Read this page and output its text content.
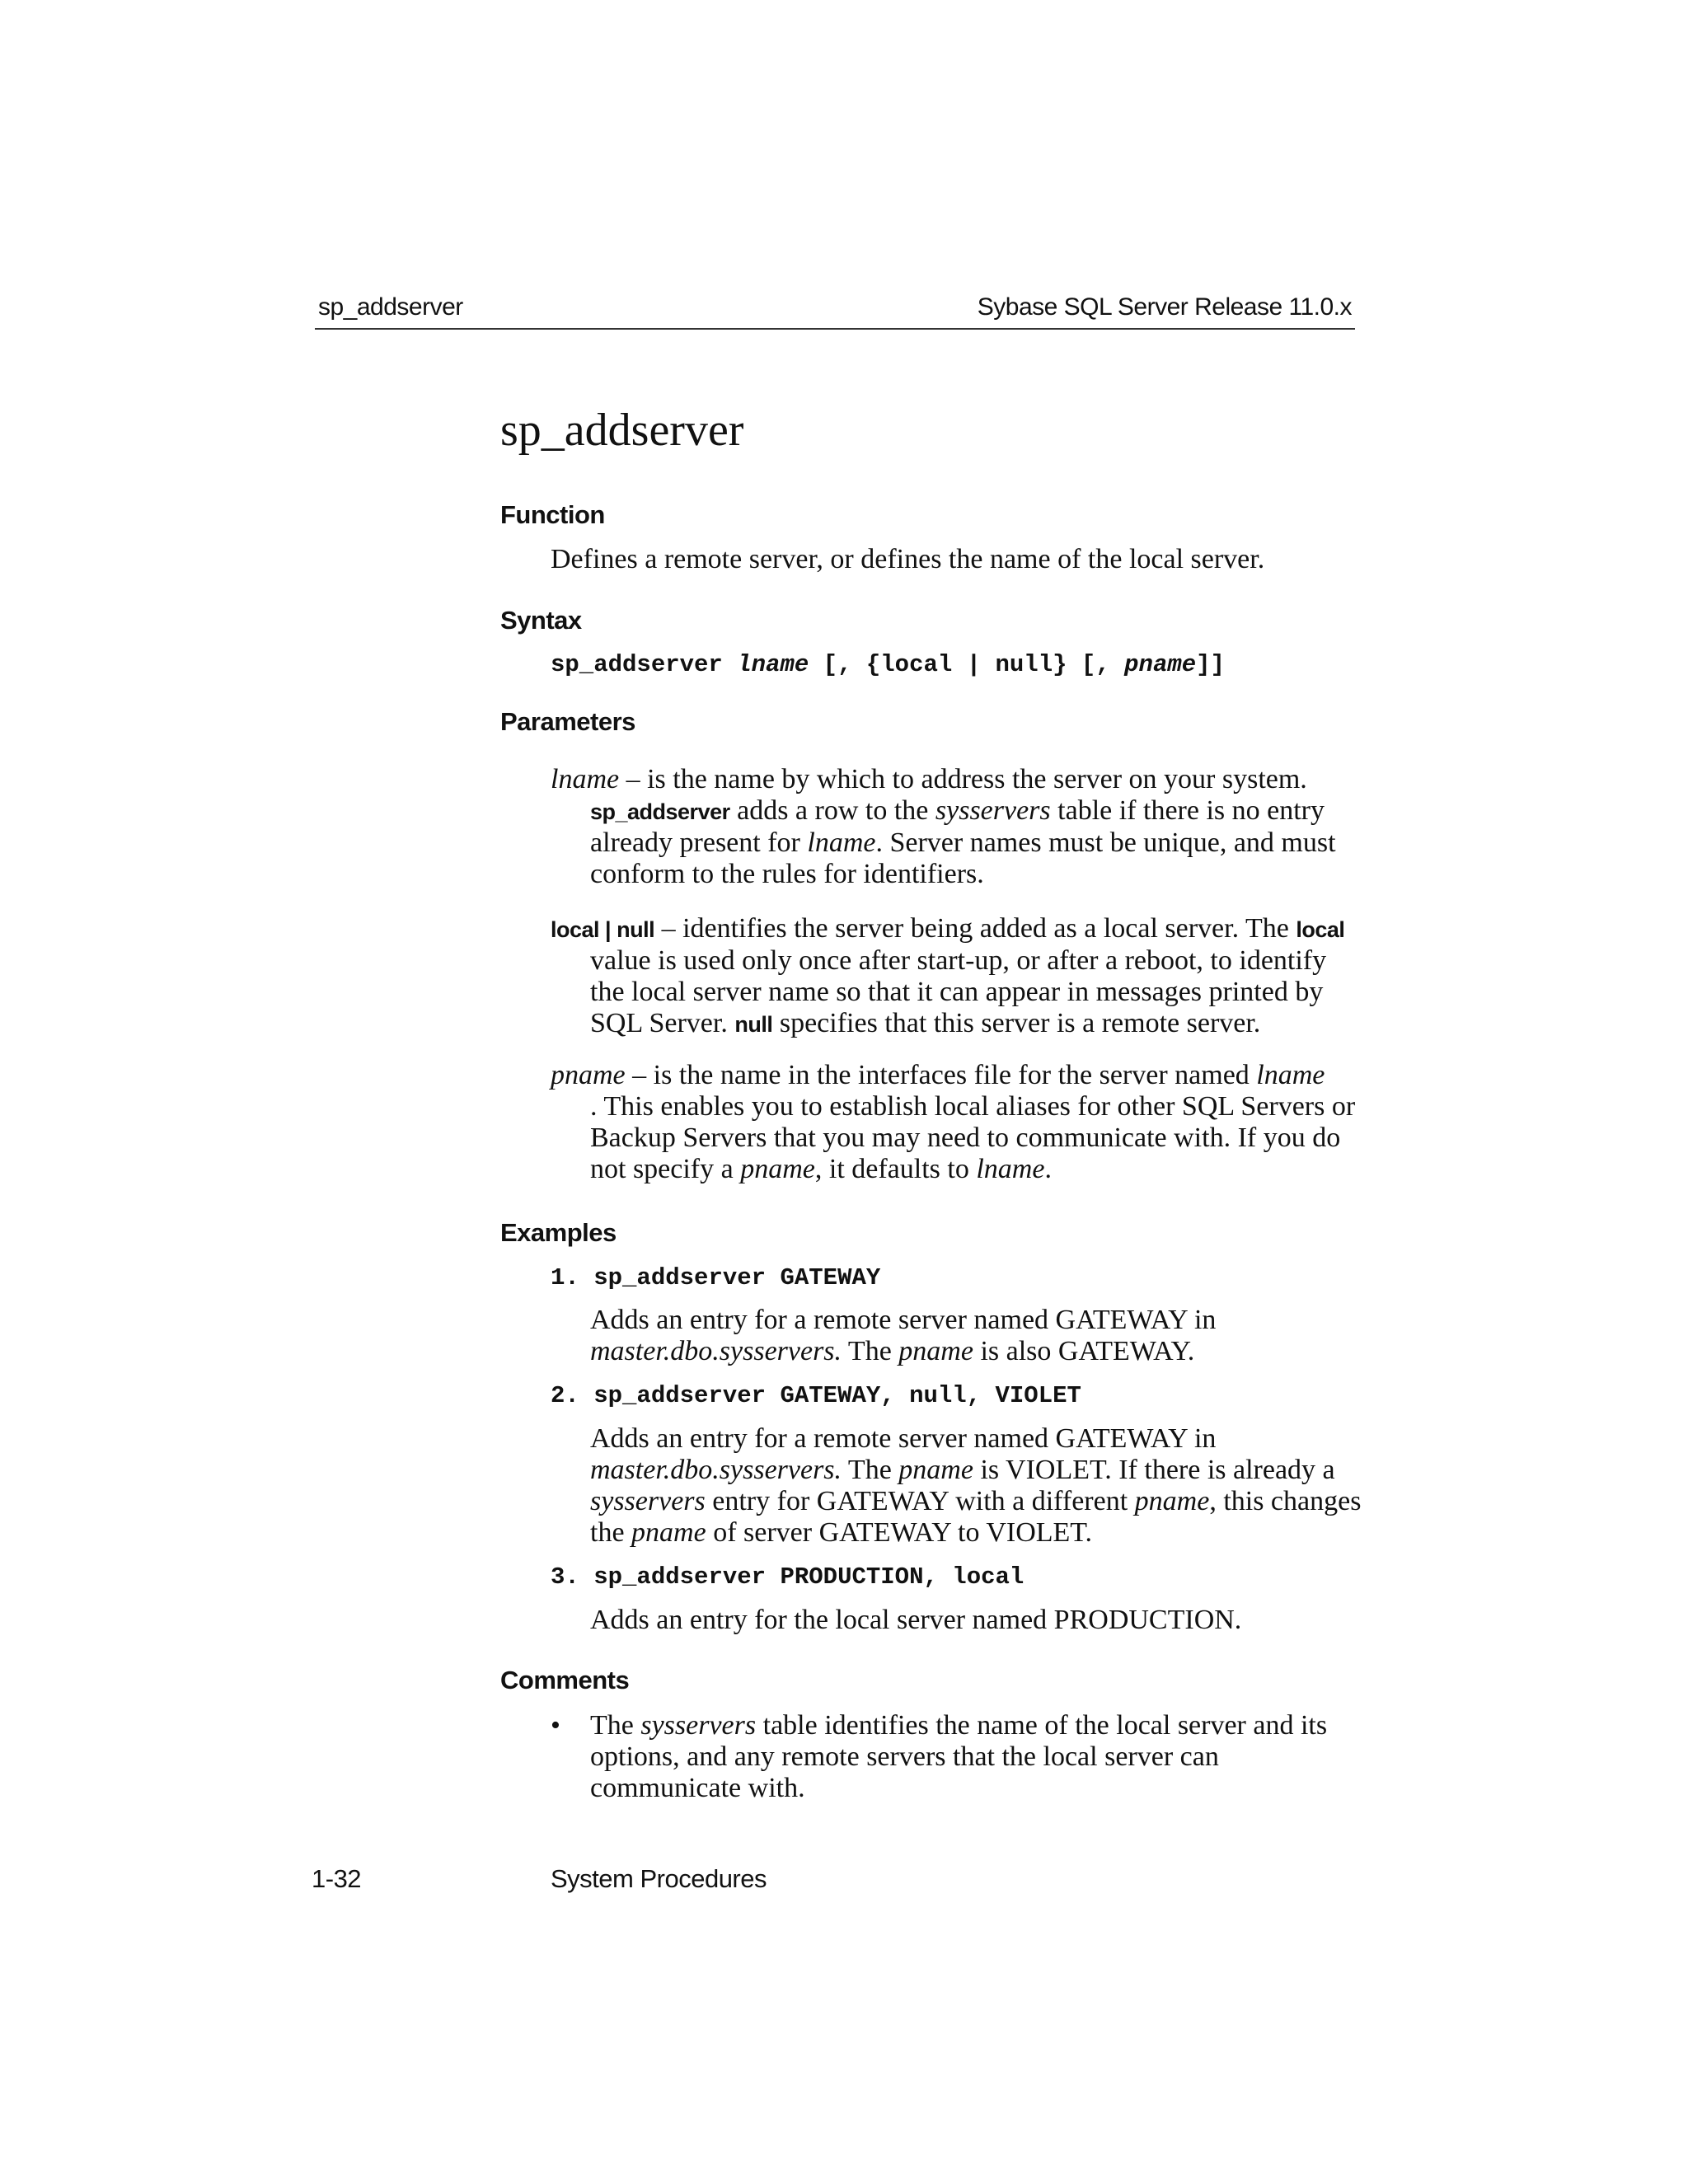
sp_addserver	Sybase SQL Server Release 11.0.x
sp_addserver
Function
Defines a remote server, or defines the name of the local server.
Syntax
sp_addserver lname [, {local | null} [, pname]]
Parameters
lname – is the name by which to address the server on your system.
sp_addserver adds a row to the sysservers table if there is no entry already present for lname. Server names must be unique, and must conform to the rules for identifiers.
local | null – identifies the server being added as a local server. The local
value is used only once after start-up, or after a reboot, to identify the local server name so that it can appear in messages printed by SQL Server. null specifies that this server is a remote server.
pname – is the name in the interfaces file for the server named lname
. This enables you to establish local aliases for other SQL Servers or Backup Servers that you may need to communicate with. If you do not specify a pname, it defaults to lname.
Examples
1. sp_addserver GATEWAY
Adds an entry for a remote server named GATEWAY in master.dbo.sysservers. The pname is also GATEWAY.
2. sp_addserver GATEWAY, null, VIOLET
Adds an entry for a remote server named GATEWAY in master.dbo.sysservers. The pname is VIOLET. If there is already a sysservers entry for GATEWAY with a different pname, this changes the pname of server GATEWAY to VIOLET.
3. sp_addserver PRODUCTION, local
Adds an entry for the local server named PRODUCTION.
Comments
• The sysservers table identifies the name of the local server and its options, and any remote servers that the local server can communicate with.
1-32	System Procedures
